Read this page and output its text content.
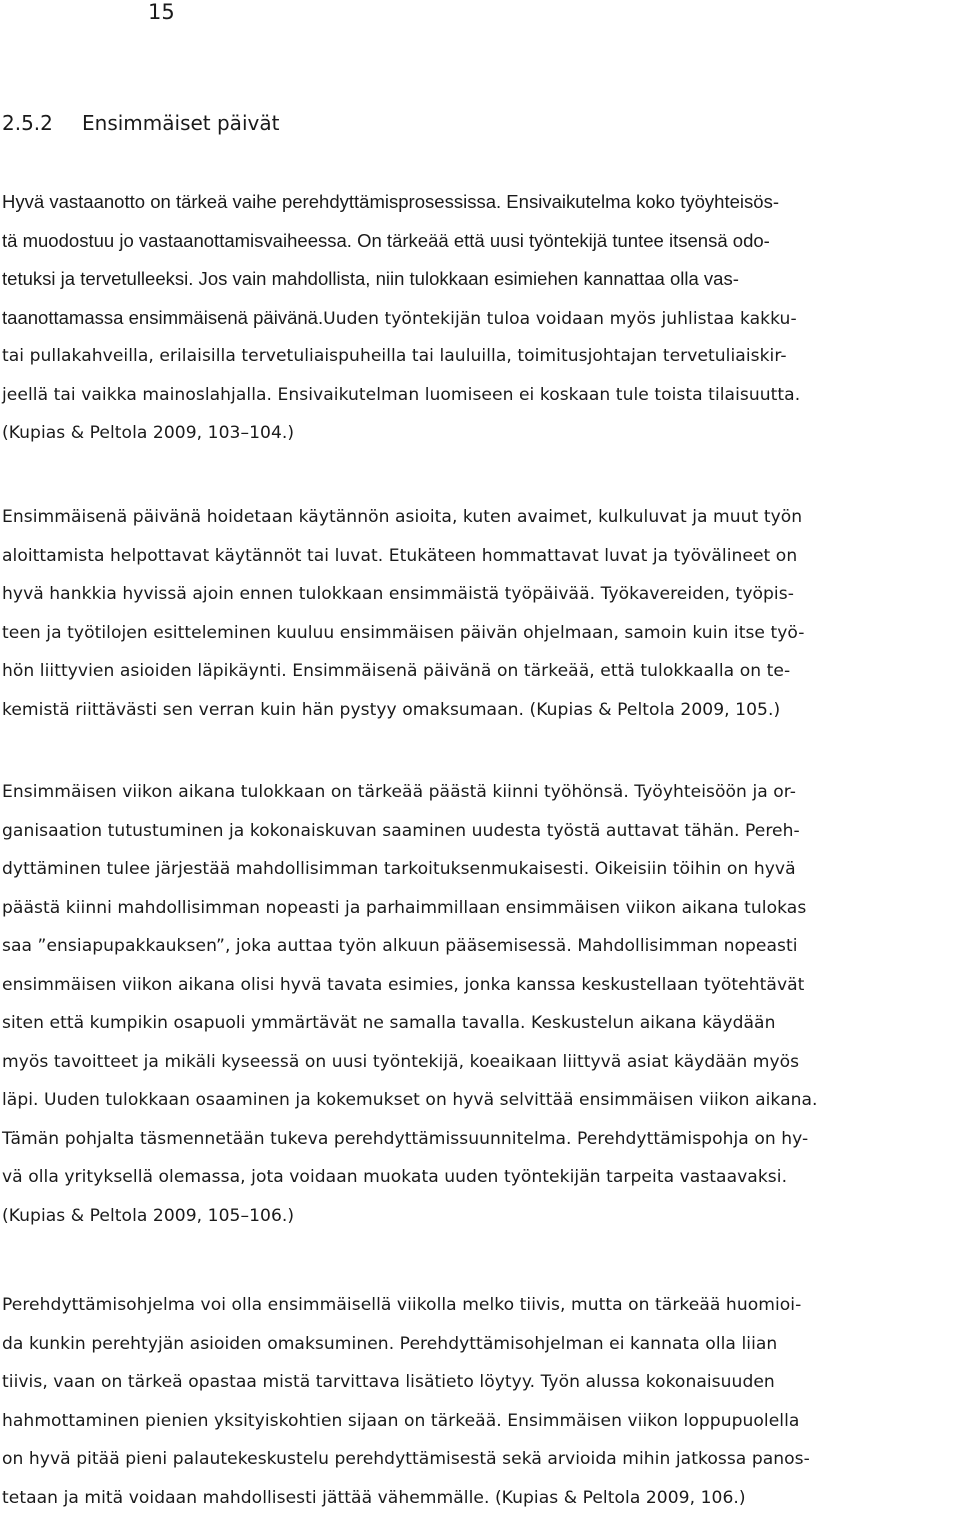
15
2.5.2 Ensimmäiset päivät
Hyvä vastaanotto on tärkeä vaihe perehdyttämisprosessissa. Ensivaikutelma koko työyhteisös-
tä muodostuu jo vastaanottamisvaiheessa. On tärkeää että uusi työntekijä tuntee itsensä odo-
tetuksi ja tervetulleeksi. Jos vain mahdollista, niin tulokkaan esimiehen kannattaa olla vas-
taanottamassa ensimmäisenä päivänä.Uuden työntekijän tuloa voidaan myös juhlistaa kakku-
tai pullakahveilla, erilaisilla tervetuliaispuheilla tai lauluilla, toimitusjohtajan tervetuliaiskir-
jeellä tai vaikka mainoslahjalla. Ensivaikutelman luomiseen ei koskaan tule toista tilaisuutta.
(Kupias & Peltola 2009, 103–104.)
Ensimmäisenä päivänä hoidetaan käytännön asioita, kuten avaimet, kulkuluvat ja muut työn
aloittamista helpottavat käytännöt tai luvat. Etukäteen hommattavat luvat ja työvälineet on
hyvä hankkia hyvissä ajoin ennen tulokkaan ensimmäistä työpäivää. Työkavereiden, työpis-
teen ja työtilojen esitteleminen kuuluu ensimmäisen päivän ohjelmaan, samoin kuin itse työ-
hön liittyvien asioiden läpikäynti. Ensimmäisenä päivänä on tärkeää, että tulokkaalla on te-
kemistä riittävästi sen verran kuin hän pystyy omaksumaan. (Kupias & Peltola 2009, 105.)
Ensimmäisen viikon aikana tulokkaan on tärkeää päästä kiinni työhönsä. Työyhteisöön ja or-
ganisaation tutustuminen ja kokonaiskuvan saaminen uudesta työstä auttavat tähän. Pereh-
dyttäminen tulee järjestää mahdollisimman tarkoituksenmukaisesti. Oikeisiin töihin on hyvä
päästä kiinni mahdollisimman nopeasti ja parhaimmillaan ensimmäisen viikon aikana tulokas
saa ”ensiapupakkauksen”, joka auttaa työn alkuun pääsemisessä. Mahdollisimman nopeasti
ensimmäisen viikon aikana olisi hyvä tavata esimies, jonka kanssa keskustellaan työtehtävät
siten että kumpikin osapuoli ymmärtävät ne samalla tavalla. Keskustelun aikana käydään
myös tavoitteet ja mikäli kyseessä on uusi työntekijä, koeaikaan liittyvä asiat käydään myös
läpi. Uuden tulokkaan osaaminen ja kokemukset on hyvä selvittää ensimmäisen viikon aikana.
Tämän pohjalta täsmennetään tukeva perehdyttämissuunnitelma. Perehdyttämispohja on hy-
vä olla yrityksellä olemassa, jota voidaan muokata uuden työntekijän tarpeita vastaavaksi.
(Kupias & Peltola 2009, 105–106.)
Perehdyttämisohjelma voi olla ensimmäisellä viikolla melko tiivis, mutta on tärkeää huomioi-
da kunkin perehtyjän asioiden omaksuminen. Perehdyttämisohjelman ei kannata olla liian
tiivis, vaan on tärkeä opastaa mistä tarvittava lisätieto löytyy. Työn alussa kokonaisuuden
hahmottaminen pienien yksityiskohtien sijaan on tärkeää. Ensimmäisen viikon loppupuolella
on hyvä pitää pieni palautekeskustelu perehdyttämisestä sekä arvioida mihin jatkossa panos-
tetaan ja mitä voidaan mahdollisesti jättää vähemmälle. (Kupias & Peltola 2009, 106.)
